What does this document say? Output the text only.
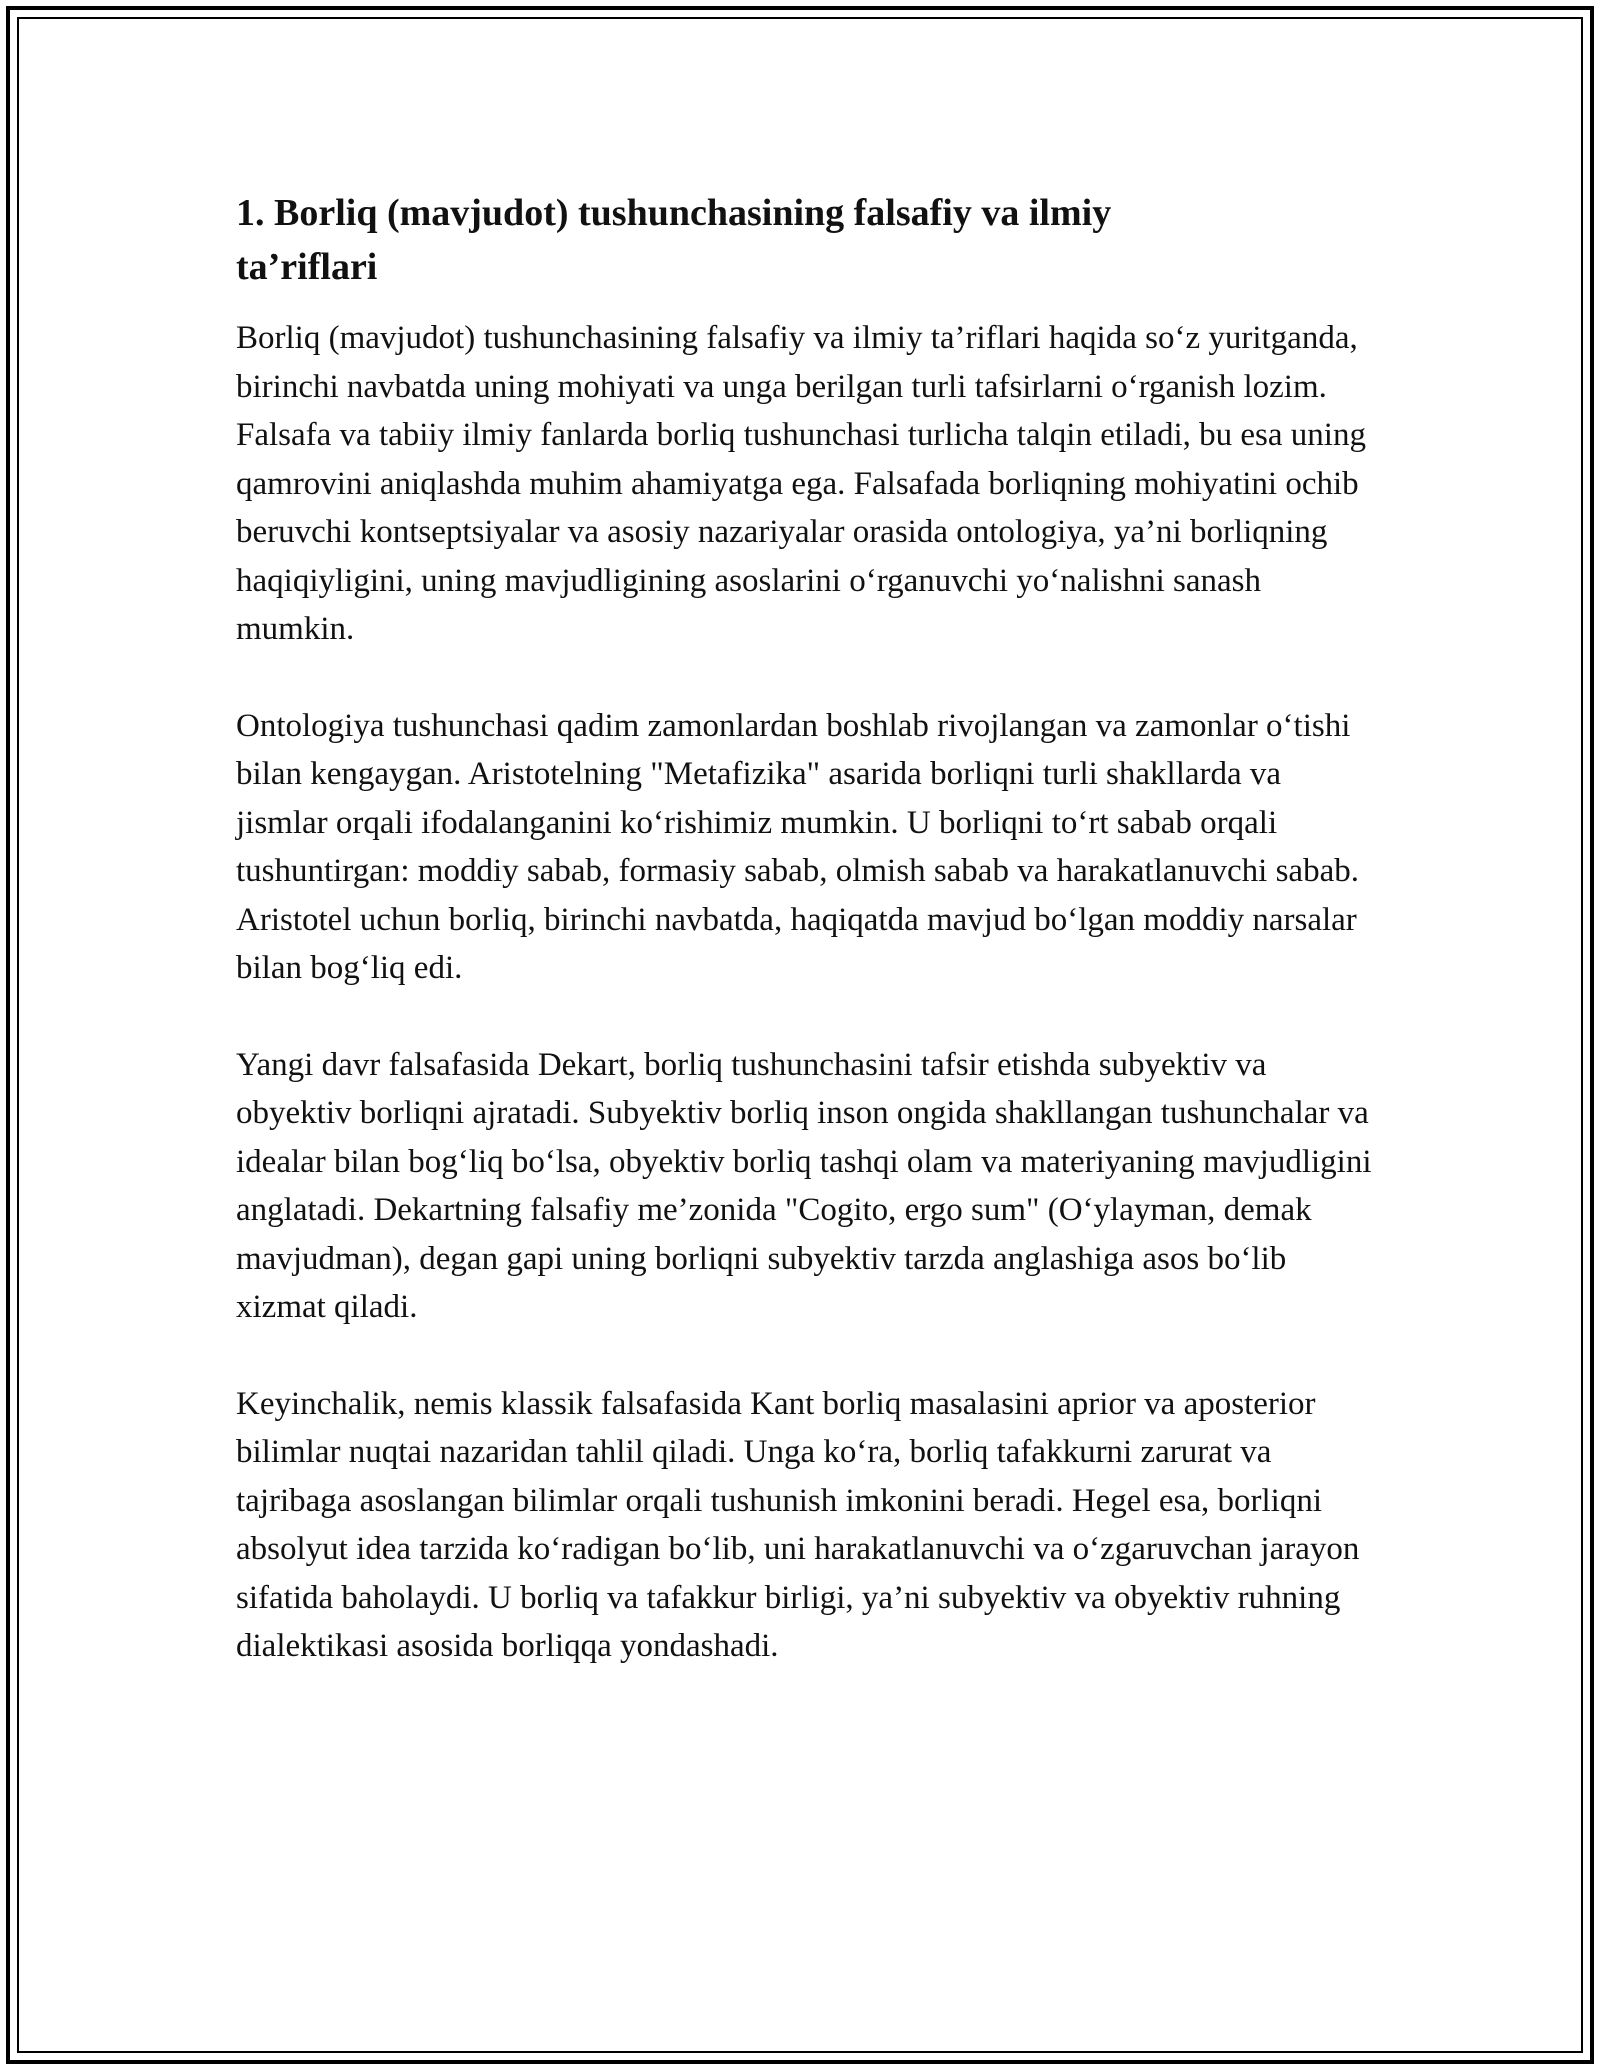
1. Borliq (mavjudot) tushunchasining falsafiy va ilmiy ta’riflari

Borliq (mavjudot) tushunchasining falsafiy va ilmiy ta’riflari haqida so‘z yuritganda, birinchi navbatda uning mohiyati va unga berilgan turli tafsirlarni o‘rganish lozim. Falsafa va tabiiy ilmiy fanlarda borliq tushunchasi turlicha talqin etiladi, bu esa uning qamrovini aniqlashda muhim ahamiyatga ega. Falsafada borliqning mohiyatini ochib beruvchi kontseptsiyalar va asosiy nazariyalar orasida ontologiya, ya’ni borliqning haqiqiyligini, uning mavjudligining asoslarini o‘rganuvchi yo‘nalishni sanash mumkin.

Ontologiya tushunchasi qadim zamonlardan boshlab rivojlangan va zamonlar o‘tishi bilan kengaygan. Aristotelning "Metafizika" asarida borliqni turli shakllarda va jismlar orqali ifodalanganini ko‘rishimiz mumkin. U borliqni to‘rt sabab orqali tushuntirgan: moddiy sabab, formasiy sabab, olmish sabab va harakatlanuvchi sabab. Aristotel uchun borliq, birinchi navbatda, haqiqatda mavjud bo‘lgan moddiy narsalar bilan bog‘liq edi.

Yangi davr falsafasida Dekart, borliq tushunchasini tafsir etishda subyektiv va obyektiv borliqni ajratadi. Subyektiv borliq inson ongida shakllangan tushunchalar va idealar bilan bog‘liq bo‘lsa, obyektiv borliq tashqi olam va materiyaning mavjudligini anglatadi. Dekartning falsafiy me’zonida "Cogito, ergo sum" (O‘ylayman, demak mavjudman), degan gapi uning borliqni subyektiv tarzda anglashiga asos bo‘lib xizmat qiladi.

Keyinchalik, nemis klassik falsafasida Kant borliq masalasini aprior va aposterior bilimlar nuqtai nazaridan tahlil qiladi. Unga ko‘ra, borliq tafakkurni zarurat va tajribaga asoslangan bilimlar orqali tushunish imkonini beradi. Hegel esa, borliqni absolyut idea tarzida ko‘radigan bo‘lib, uni harakatlanuvchi va o‘zgaruvchan jarayon sifatida baholaydi. U borliq va tafakkur birligi, ya’ni subyektiv va obyektiv ruhning dialektikasi asosida borliqqa yondashadi.
